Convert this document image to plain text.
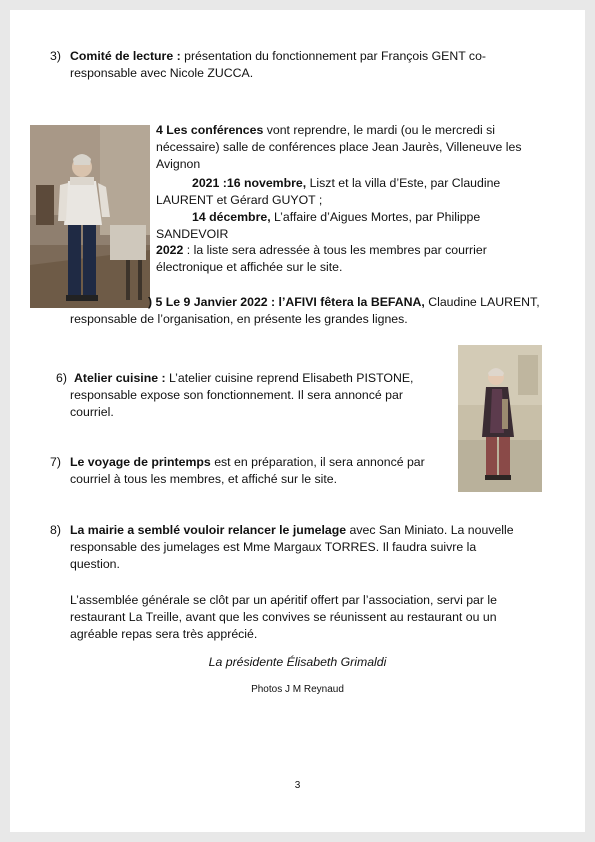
3) Comité de lecture : présentation du fonctionnement par François GENT co-
responsable avec Nicole ZUCCA.
4 Les conférences vont reprendre, le mardi (ou le mercredi si
nécessaire) salle de conférences place Jean Jaurès, Villeneuve les
Avignon
2021 :16 novembre, Liszt et la villa d’Este, par Claudine
LAURENT et Gérard GUYOT ;
14 décembre, L’affaire d’Aigues Mortes, par Philippe
SANDEVOIR
2022 : la liste sera adressée à tous les membres par courrier
électronique et affichée sur le site.
) 5 Le 9 Janvier 2022 : l’AFIVI fêtera la BEFANA, Claudine LAURENT,
responsable de l’organisation, en présente les grandes lignes.
6) Atelier cuisine : L’atelier cuisine reprend Elisabeth PISTONE,
responsable expose son fonctionnement. Il sera annoncé par
courriel.
7) Le voyage de printemps est en préparation, il sera annoncé par
courriel à tous les membres, et affiché sur le site.
8) La mairie a semblé vouloir relancer le jumelage avec San Miniato. La nouvelle
responsable des jumelages est Mme Margaux TORRES. Il faudra suivre la
question.
L’assemblée générale se clôt par un apéritif offert par l’association, servi par le
restaurant La Treille, avant que les convives se réunissent au restaurant ou un
agréable repas sera très apprécié.
La présidente Élisabeth Grimaldi
Photos J M Reynaud
3
